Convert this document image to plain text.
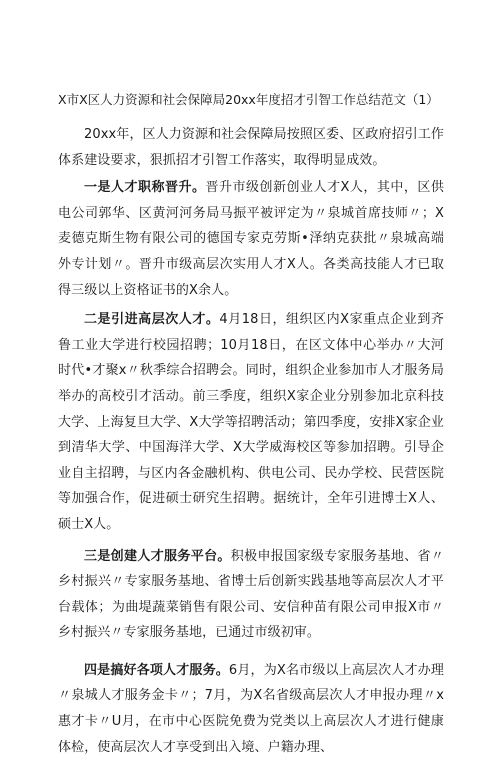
X市X区人力资源和社会保障局20xx年度招才引智工作总结范文（1）

20xx年，区人力资源和社会保障局按照区委、区政府招引工作体系建设要求，狠抓招才引智工作落实，取得明显成效。

一是人才职称晋升。晋升市级创新创业人才X人，其中，区供电公司郭华、区黄河河务局马振平被评定为〃泉城首席技师〃；X麦德克斯生物有限公司的德国专家克劳斯•泽纳克获批〃泉城高端外专计划〃。晋升市级高层次实用人才X人。各类高技能人才已取得三级以上资格证书的X余人。

二是引进高层次人才。4月18日，组织区内X家重点企业到齐鲁工业大学进行校园招聘；10月18日，在区文体中心举办〃大河时代•才聚x〃秋季综合招聘会。同时，组织企业参加市人才服务局举办的高校引才活动。前三季度，组织X家企业分别参加北京科技大学、上海复旦大学、X大学等招聘活动；第四季度，安排X家企业到清华大学、中国海洋大学、X大学威海校区等参加招聘。引导企业自主招聘，与区内各金融机构、供电公司、民办学校、民营医院等加强合作，促进硕士研究生招聘。据统计，全年引进博士X人、硕士X人。

三是创建人才服务平台。积极申报国家级专家服务基地、省〃乡村振兴〃专家服务基地、省博士后创新实践基地等高层次人才平台载体；为曲堤蔬菜销售有限公司、安信种苗有限公司申报X市〃乡村振兴〃专家服务基地，已通过市级初审。

四是搞好各项人才服务。6月，为X名市级以上高层次人才办理〃泉城人才服务金卡〃；7月，为X名省级高层次人才申报办理〃x惠才卡〃U月，在市中心医院免费为党类以上高层次人才进行健康体检，使高层次人才享受到出入境、户籍办理、
